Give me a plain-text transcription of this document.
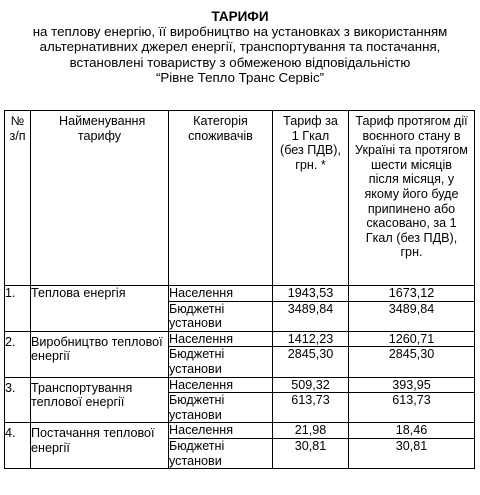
ТАРИФИ
на теплову енергію, її виробництво на установках з використанням
альтернативних джерел енергії, транспортування та постачання,
встановлені товариству з обмеженою відповідальністю
“Рівне Тепло Транс Сервіс”
№ з/п	Найменування тарифу	Категорія споживачів	Тариф за 1 Гкал (без ПДВ), грн. *	Тариф протягом дії воєнного стану в Україні та протягом шести місяців після місяця, у якому його буде припинено або скасовано, за 1 Гкал (без ПДВ), грн.

1.	Теплова енергія	Населення	1943,53	1673,12
		Бюджетні установи	3489,84	3489,84
2.	Виробництво теплової енергії	Населення	1412,23	1260,71
		Бюджетні установи	2845,30	2845,30
3.	Транспортування теплової енергії	Населення	509,32	393,95
		Бюджетні установи	613,73	613,73
4.	Постачання теплової енергії	Населення	21,98	18,46
		Бюджетні установи	30,81	30,81
